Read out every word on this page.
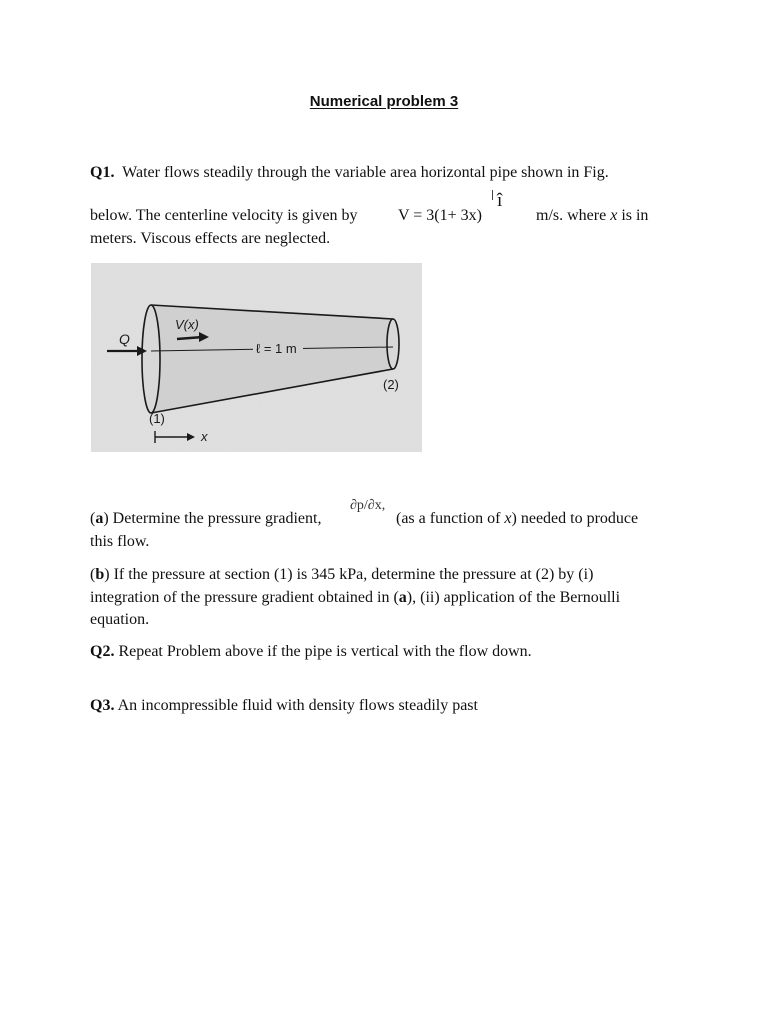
Numerical problem 3
Q1. Water flows steadily through the variable area horizontal pipe shown in Fig.
below. The centerline velocity is given by	V = 3(1+ 3x)
î
m/s. where x is in
meters. Viscous effects are neglected.
Q
V(x)
ℓ = 1 m
(1)
(2)
x
∂p/∂x,
(a) Determine the pressure gradient,	(as a function of x) needed to produce
this flow.
(b) If the pressure at section (1) is 345 kPa, determine the pressure at (2) by (i)
integration of the pressure gradient obtained in (a), (ii) application of the Bernoulli
equation.
Q2. Repeat Problem above if the pipe is vertical with the flow down.
Q3. An incompressible fluid with density flows steadily past
